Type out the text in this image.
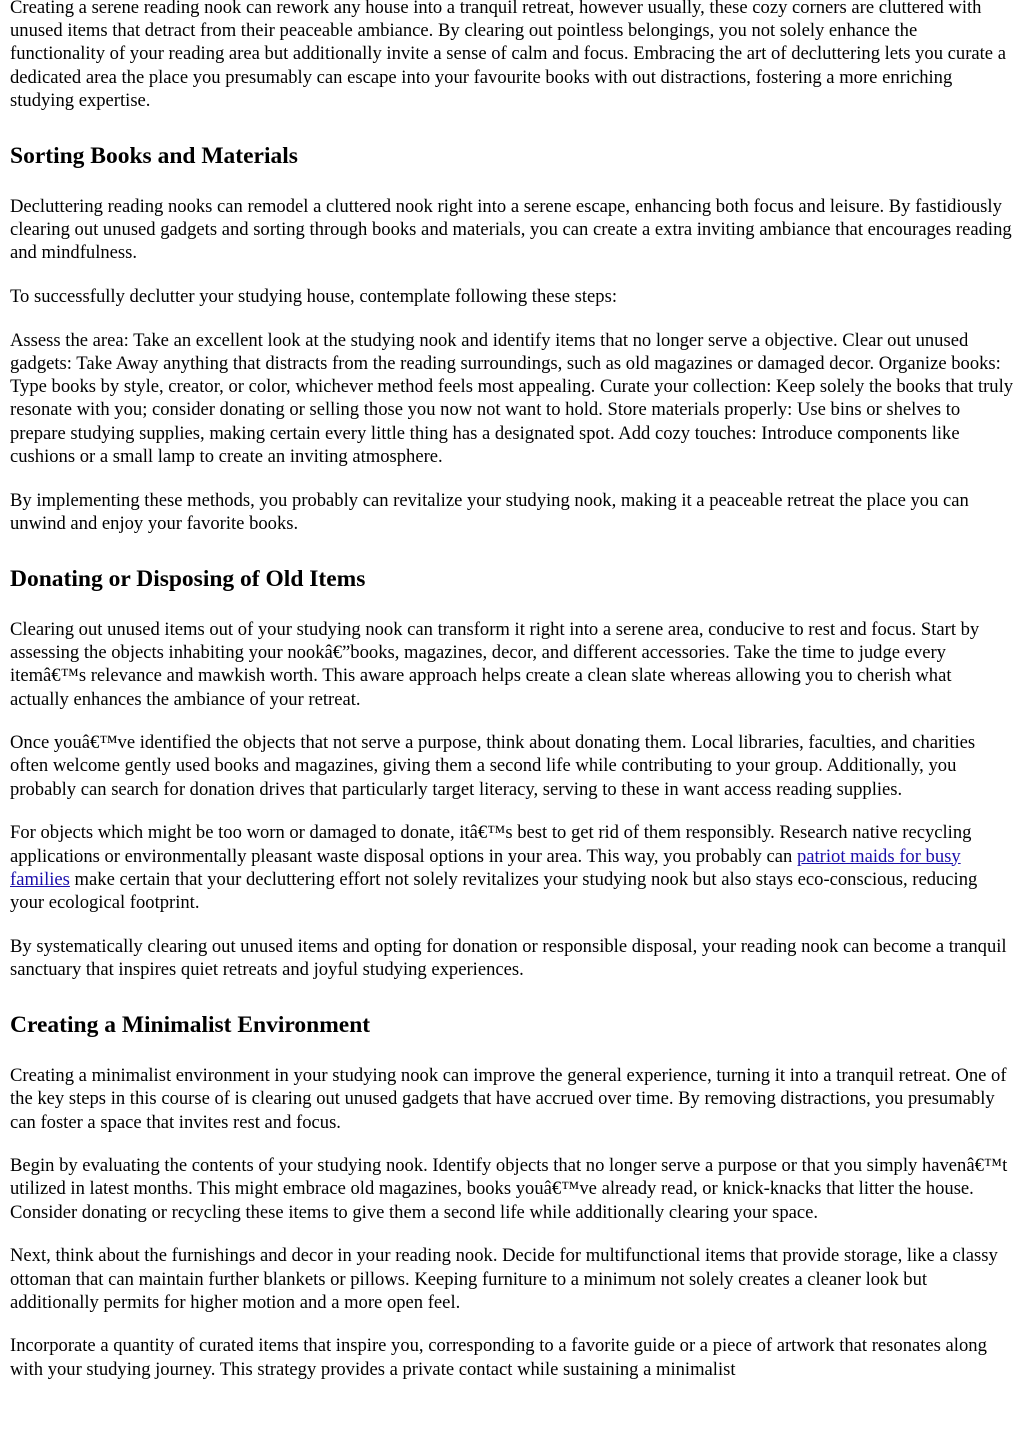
Creating a serene reading nook can rework any house into a tranquil retreat, however usually, these cozy corners are cluttered with unused items that detract from their peaceable ambiance. By clearing out pointless belongings, you not solely enhance the functionality of your reading area but additionally invite a sense of calm and focus. Embracing the art of decluttering lets you curate a dedicated area the place you presumably can escape into your favourite books with out distractions, fostering a more enriching studying expertise.

Sorting Books and Materials

Decluttering reading nooks can remodel a cluttered nook right into a serene escape, enhancing both focus and leisure. By fastidiously clearing out unused gadgets and sorting through books and materials, you can create a extra inviting ambiance that encourages reading and mindfulness.

To successfully declutter your studying house, contemplate following these steps:

Assess the area: Take an excellent look at the studying nook and identify items that no longer serve a objective. Clear out unused gadgets: Take Away anything that distracts from the reading surroundings, such as old magazines or damaged decor. Organize books: Type books by style, creator, or color, whichever method feels most appealing. Curate your collection: Keep solely the books that truly resonate with you; consider donating or selling those you now not want to hold. Store materials properly: Use bins or shelves to prepare studying supplies, making certain every little thing has a designated spot. Add cozy touches: Introduce components like cushions or a small lamp to create an inviting atmosphere.

By implementing these methods, you probably can revitalize your studying nook, making it a peaceable retreat the place you can unwind and enjoy your favorite books.

Donating or Disposing of Old Items

Clearing out unused items out of your studying nook can transform it right into a serene area, conducive to rest and focus. Start by assessing the objects inhabiting your nookâ€”books, magazines, decor, and different accessories. Take the time to judge every itemâ€™s relevance and mawkish worth. This aware approach helps create a clean slate whereas allowing you to cherish what actually enhances the ambiance of your retreat.

Once youâ€™ve identified the objects that not serve a purpose, think about donating them. Local libraries, faculties, and charities often welcome gently used books and magazines, giving them a second life while contributing to your group. Additionally, you probably can search for donation drives that particularly target literacy, serving to these in want access reading supplies.

For objects which might be too worn or damaged to donate, itâ€™s best to get rid of them responsibly. Research native recycling applications or environmentally pleasant waste disposal options in your area. This way, you probably can patriot maids for busy families make certain that your decluttering effort not solely revitalizes your studying nook but also stays eco-conscious, reducing your ecological footprint.

By systematically clearing out unused items and opting for donation or responsible disposal, your reading nook can become a tranquil sanctuary that inspires quiet retreats and joyful studying experiences.

Creating a Minimalist Environment

Creating a minimalist environment in your studying nook can improve the general experience, turning it into a tranquil retreat. One of the key steps in this course of is clearing out unused gadgets that have accrued over time. By removing distractions, you presumably can foster a space that invites rest and focus.

Begin by evaluating the contents of your studying nook. Identify objects that no longer serve a purpose or that you simply havenâ€™t utilized in latest months. This might embrace old magazines, books youâ€™ve already read, or knick-knacks that litter the house. Consider donating or recycling these items to give them a second life while additionally clearing your space.

Next, think about the furnishings and decor in your reading nook. Decide for multifunctional items that provide storage, like a classy ottoman that can maintain further blankets or pillows. Keeping furniture to a minimum not solely creates a cleaner look but additionally permits for higher motion and a more open feel.

Incorporate a quantity of curated items that inspire you, corresponding to a favorite guide or a piece of artwork that resonates along with your studying journey. This strategy provides a private contact while sustaining a minimalist
